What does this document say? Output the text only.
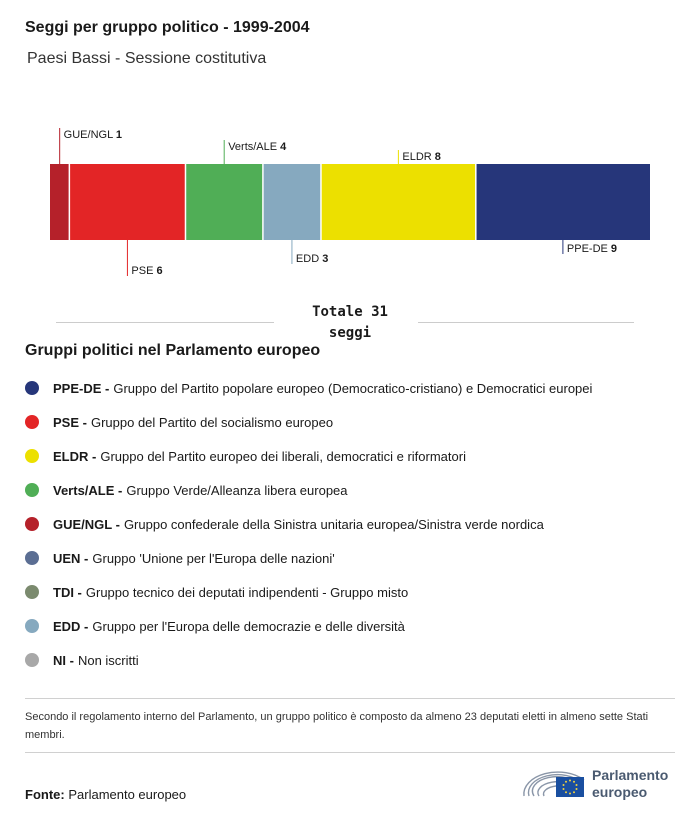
Seggi per gruppo politico - 1999-2004
Paesi Bassi - Sessione costitutiva
GUE/NGL 1
PSE 6
Verts/ALE 4
EDD 3
ELDR 8
PPE-DE 9
Totale 31
seggi
Gruppi politici nel Parlamento europeo
PPE-DE - Gruppo del Partito popolare europeo (Democratico-cristiano) e Democratici europei
PSE - Gruppo del Partito del socialismo europeo
ELDR - Gruppo del Partito europeo dei liberali, democratici e riformatori
Verts/ALE - Gruppo Verde/Alleanza libera europea
GUE/NGL - Gruppo confederale della Sinistra unitaria europea/Sinistra verde nordica
UEN - Gruppo 'Unione per l'Europa delle nazioni'
TDI - Gruppo tecnico dei deputati indipendenti - Gruppo misto
EDD - Gruppo per l'Europa delle democrazie e delle diversità
NI - Non iscritti
Secondo il regolamento interno del Parlamento, un gruppo politico è composto da almeno 23 deputati eletti in almeno sette Stati membri.
Fonte: Parlamento europeo
Parlamento
europeo
